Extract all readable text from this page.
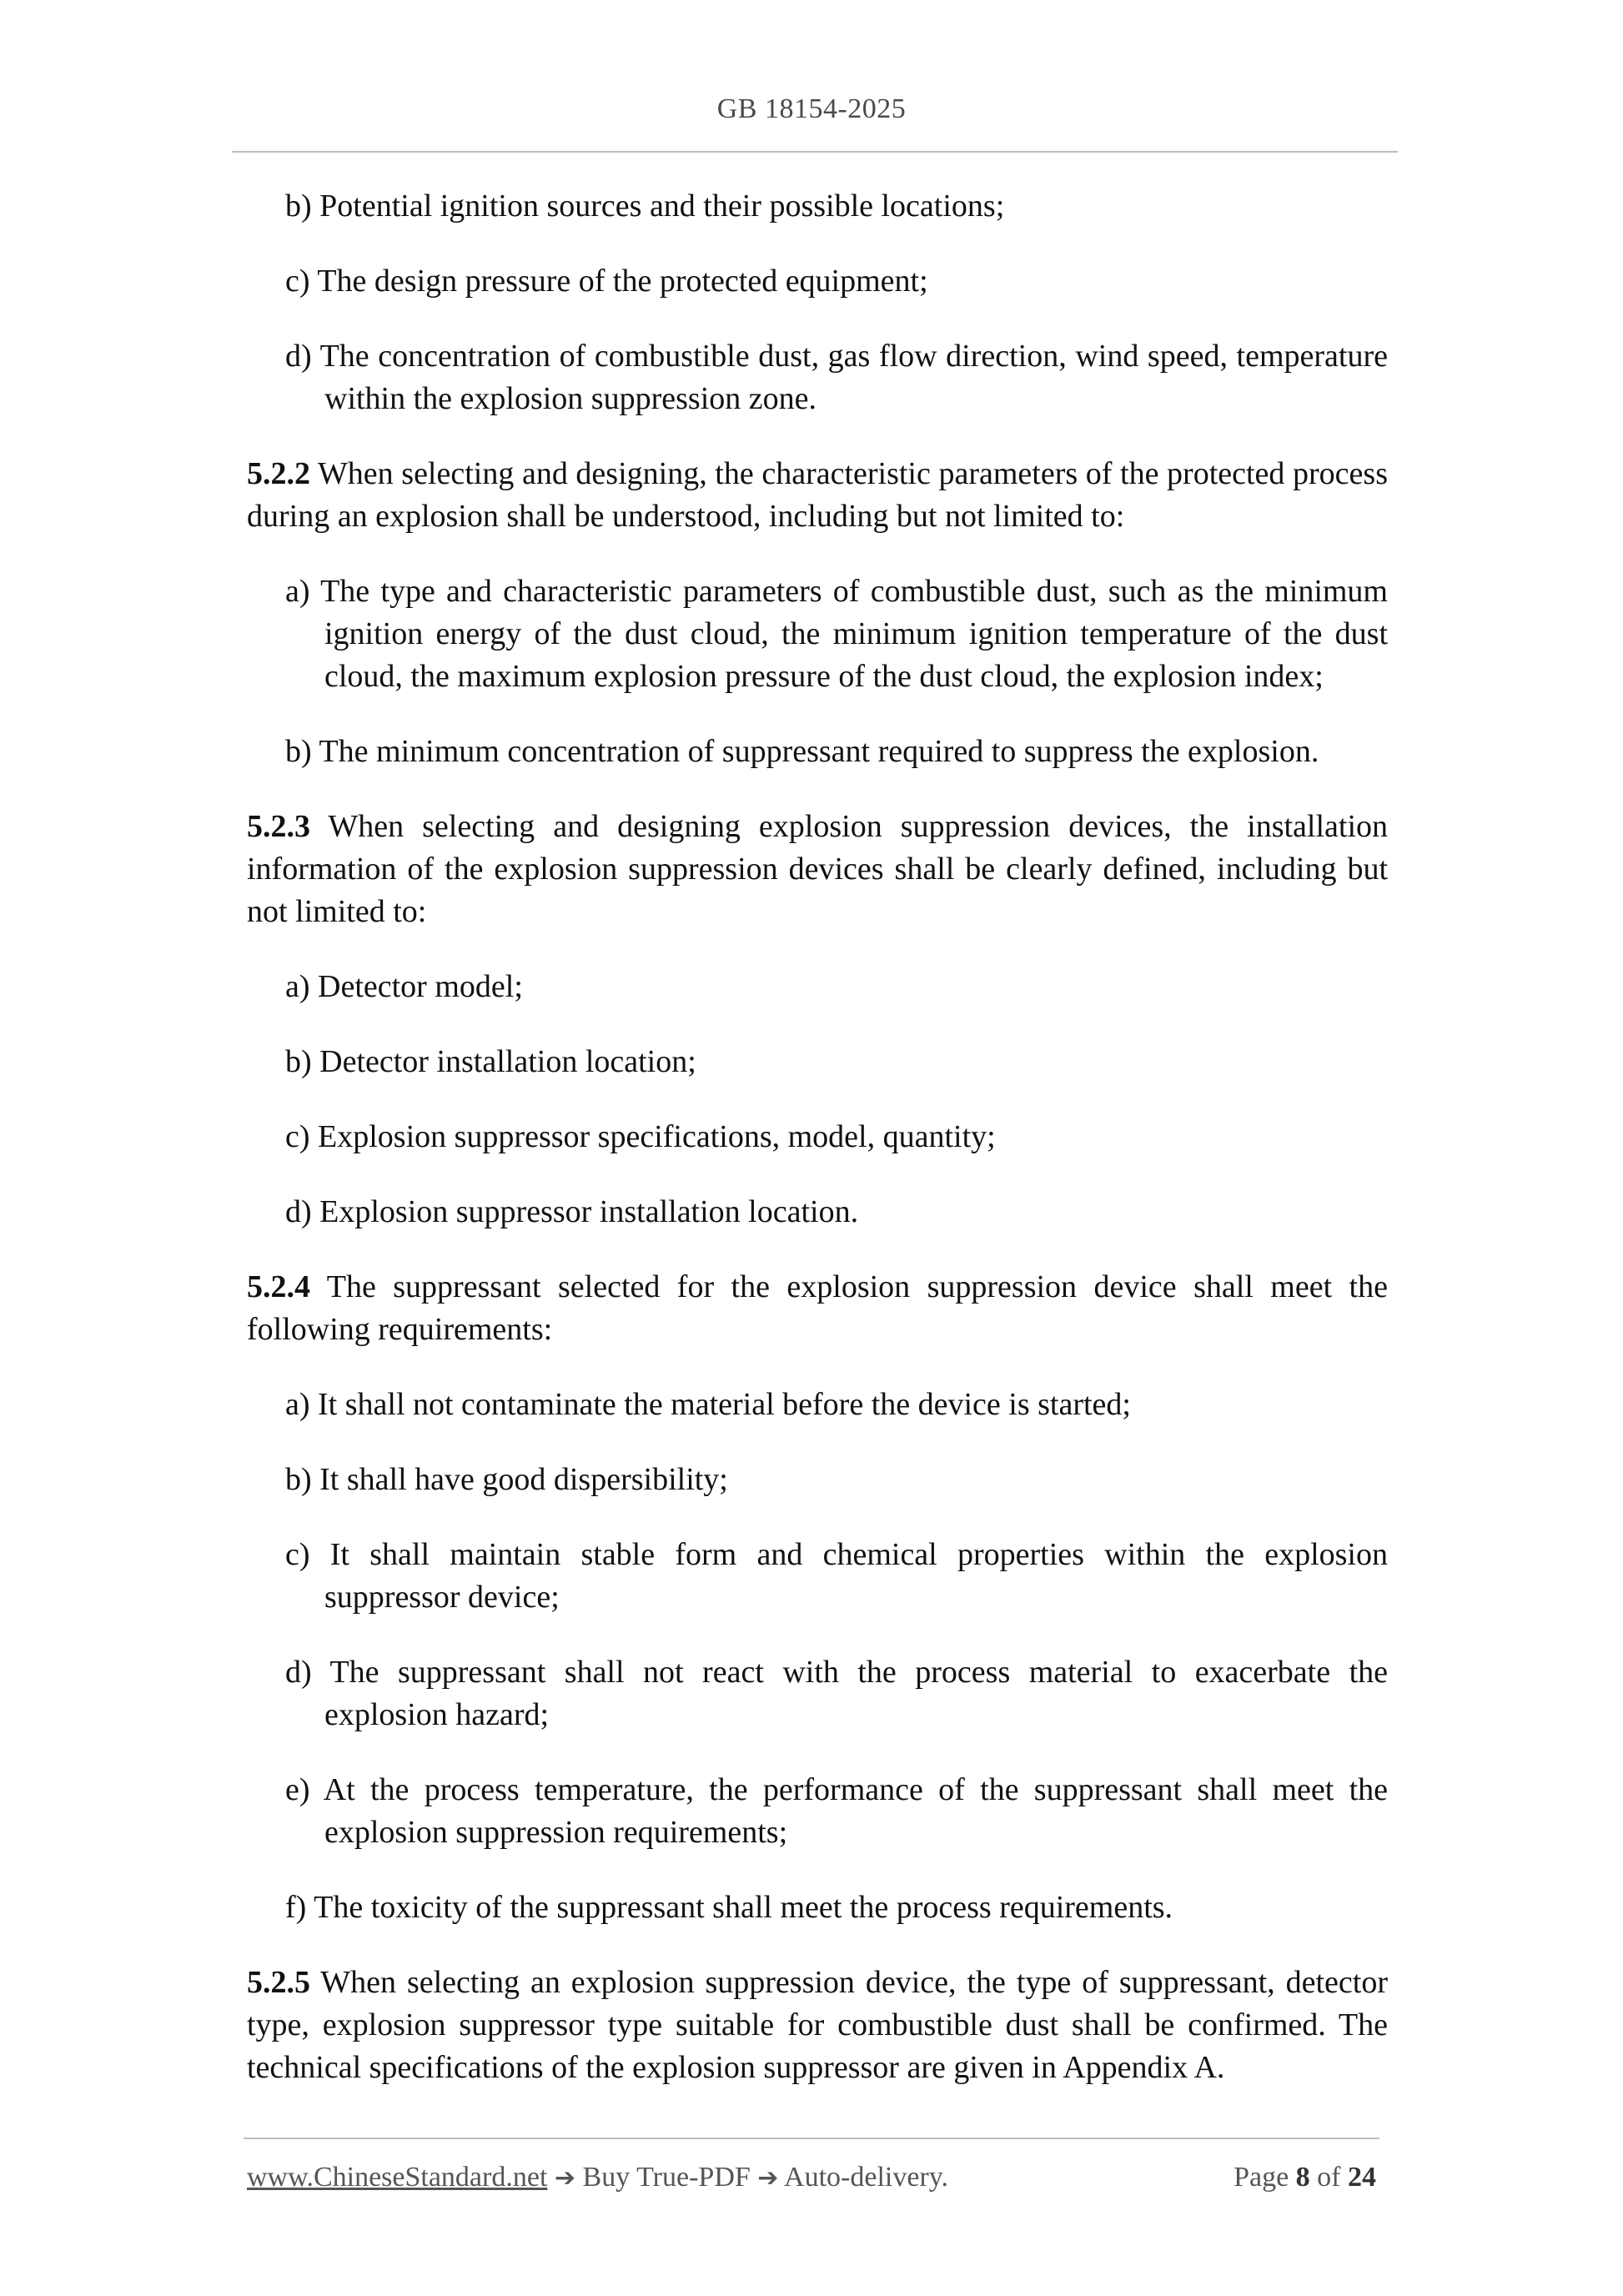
GB 18154-2025

b) Potential ignition sources and their possible locations;

c) The design pressure of the protected equipment;

d) The concentration of combustible dust, gas flow direction, wind speed, temperature within the explosion suppression zone.

5.2.2 When selecting and designing, the characteristic parameters of the protected process during an explosion shall be understood, including but not limited to:

a) The type and characteristic parameters of combustible dust, such as the minimum ignition energy of the dust cloud, the minimum ignition temperature of the dust cloud, the maximum explosion pressure of the dust cloud, the explosion index;

b) The minimum concentration of suppressant required to suppress the explosion.

5.2.3 When selecting and designing explosion suppression devices, the installation information of the explosion suppression devices shall be clearly defined, including but not limited to:

a) Detector model;

b) Detector installation location;

c) Explosion suppressor specifications, model, quantity;

d) Explosion suppressor installation location.

5.2.4 The suppressant selected for the explosion suppression device shall meet the following requirements:

a) It shall not contaminate the material before the device is started;

b) It shall have good dispersibility;

c) It shall maintain stable form and chemical properties within the explosion suppressor device;

d) The suppressant shall not react with the process material to exacerbate the explosion hazard;

e) At the process temperature, the performance of the suppressant shall meet the explosion suppression requirements;

f) The toxicity of the suppressant shall meet the process requirements.

5.2.5 When selecting an explosion suppression device, the type of suppressant, detector type, explosion suppressor type suitable for combustible dust shall be confirmed. The technical specifications of the explosion suppressor are given in Appendix A.

www.ChineseStandard.net ➔ Buy True-PDF ➔ Auto-delivery.	Page 8 of 24
